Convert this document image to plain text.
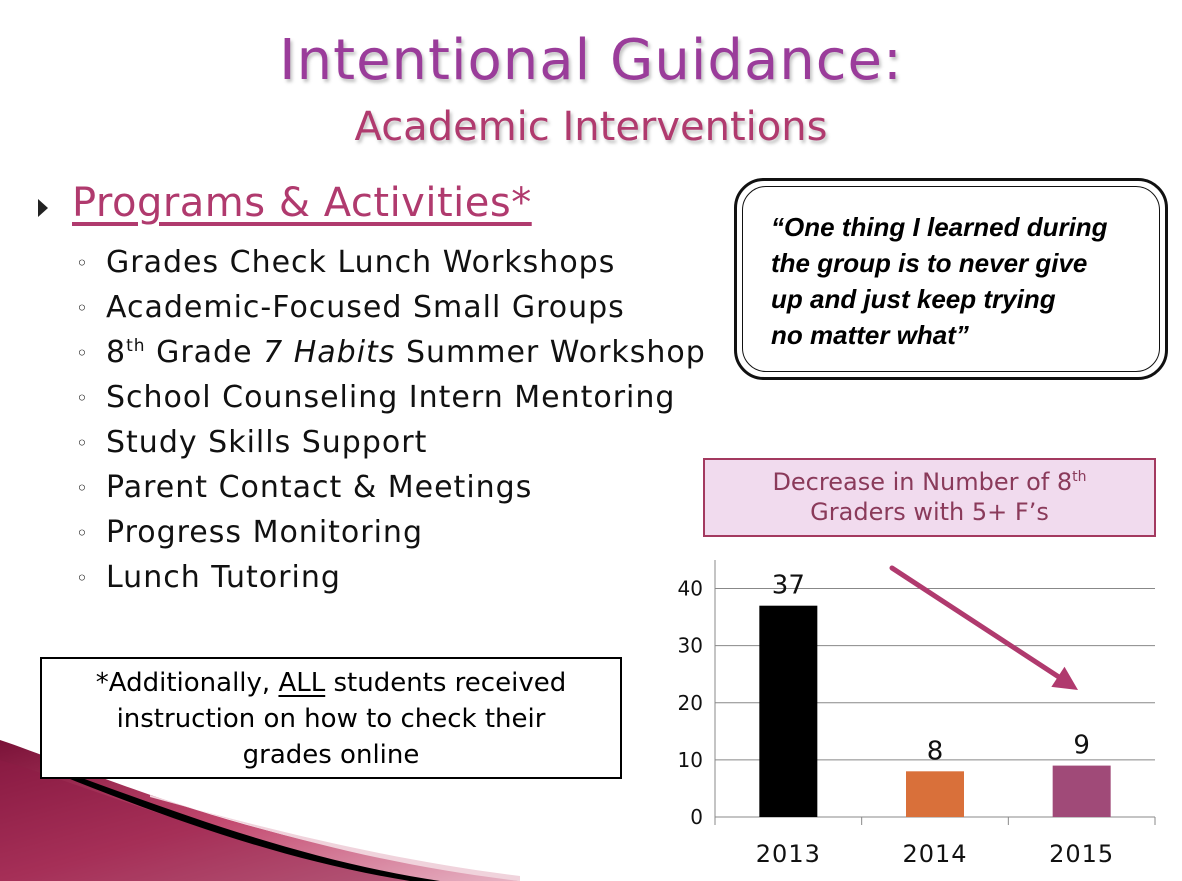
Intentional Guidance:
Academic Interventions
Programs & Activities*
◦ Grades Check Lunch Workshops
◦ Academic-Focused Small Groups
◦ 8th Grade 7 Habits Summer Workshop
◦ School Counseling Intern Mentoring
◦ Study Skills Support
◦ Parent Contact & Meetings
◦ Progress Monitoring
◦ Lunch Tutoring
“One thing I learned during
the group is to never give
up and just keep trying
no matter what”
*Additionally, ALL students received
instruction on how to check their
grades online
Decrease in Number of 8th
Graders with 5+ F’s
0
10
20
30
40	37
2013
8
2014
9
2015
